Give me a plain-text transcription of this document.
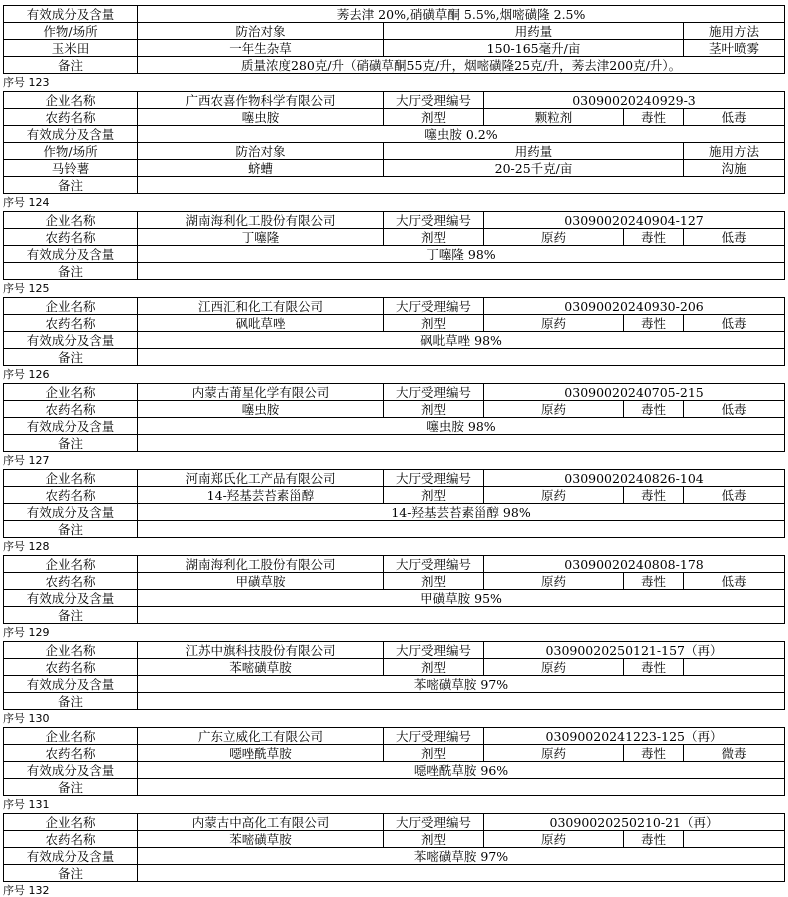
有效成分及含量	莠去津 20%,硝磺草酮 5.5%,烟嘧磺隆 2.5%
作物/场所	防治对象	用药量	施用方法
玉米田	一年生杂草	150-165毫升/亩	茎叶喷雾
备注	质量浓度280克/升（硝磺草酮55克/升，烟嘧磺隆25克/升，莠去津200克/升）。
序号 123
企业名称	广西农喜作物科学有限公司	大厅受理编号	03090020240929-3
农药名称	噻虫胺	剂型	颗粒剂	毒性	低毒
有效成分及含量	噻虫胺 0.2%
作物/场所	防治对象	用药量	施用方法
马铃薯	蛴螬	20-25千克/亩	沟施
备注	
序号 124
企业名称	湖南海利化工股份有限公司	大厅受理编号	03090020240904-127
农药名称	丁噻隆	剂型	原药	毒性	低毒
有效成分及含量	丁噻隆 98%
备注	
序号 125
企业名称	江西汇和化工有限公司	大厅受理编号	03090020240930-206
农药名称	砜吡草唑	剂型	原药	毒性	低毒
有效成分及含量	砜吡草唑 98%
备注	
序号 126
企业名称	内蒙古莆星化学有限公司	大厅受理编号	03090020240705-215
农药名称	噻虫胺	剂型	原药	毒性	低毒
有效成分及含量	噻虫胺 98%
备注	
序号 127
企业名称	河南郑氏化工产品有限公司	大厅受理编号	03090020240826-104
农药名称	14-羟基芸苔素甾醇	剂型	原药	毒性	低毒
有效成分及含量	14-羟基芸苔素甾醇 98%
备注	
序号 128
企业名称	湖南海利化工股份有限公司	大厅受理编号	03090020240808-178
农药名称	甲磺草胺	剂型	原药	毒性	低毒
有效成分及含量	甲磺草胺 95%
备注	
序号 129
企业名称	江苏中旗科技股份有限公司	大厅受理编号	03090020250121-157（再）
农药名称	苯嘧磺草胺	剂型	原药	毒性	
有效成分及含量	苯嘧磺草胺 97%
备注	
序号 130
企业名称	广东立威化工有限公司	大厅受理编号	03090020241223-125（再）
农药名称	噁唑酰草胺	剂型	原药	毒性	微毒
有效成分及含量	噁唑酰草胺 96%
备注	
序号 131
企业名称	内蒙古中高化工有限公司	大厅受理编号	03090020250210-21（再）
农药名称	苯嘧磺草胺	剂型	原药	毒性	
有效成分及含量	苯嘧磺草胺 97%
备注	
序号 132
